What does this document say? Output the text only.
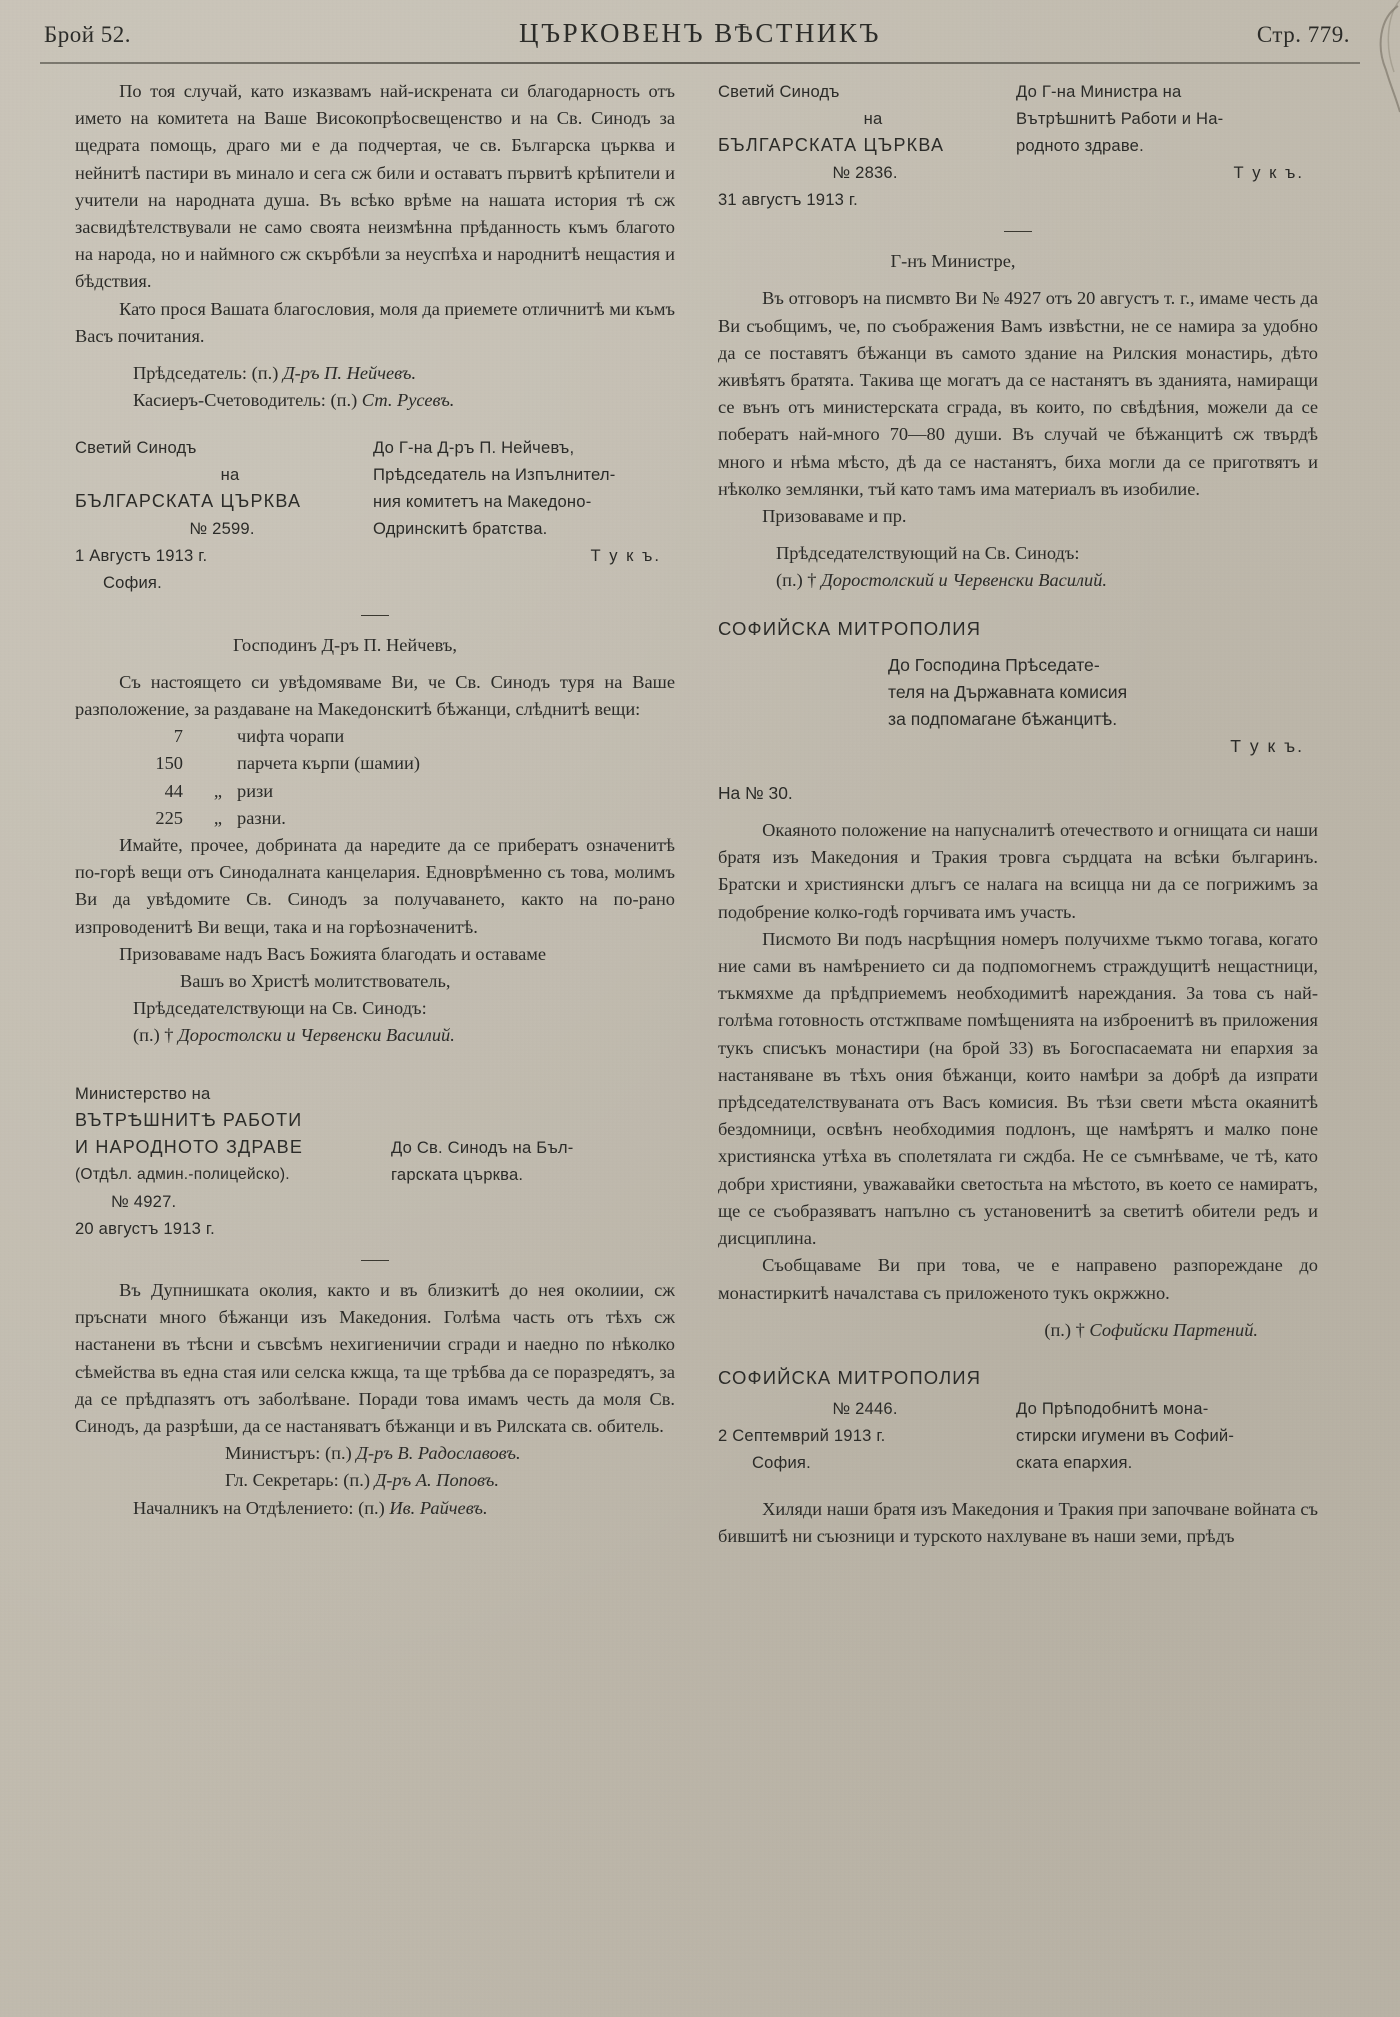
Брой 52.	ЦЪРКОВЕНЪ ВѢСТНИКЪ	Стр. 779.

По тоя случай, като изказвамъ най-искрената си благодарность отъ името на комитета на Ваше Високопрѣосвещенство и на Св. Синодъ за щедрата помощь, драго ми е да подчертая, че св. Българска църква и нейнитѣ пастири въ минало и сега сж били и оставатъ първитѣ крѣпители и учители на народната душа. Въ всѣко врѣме на нашата история тѣ сж засвидѣтелствували не само своята неизмѣнна прѣданность къмъ благото на народа, но и наймного сж скърбѣли за неуспѣха и народнитѣ нещастия и бѣдствия.

Като прося Вашата благословия, моля да приемете отличнитѣ ми къмъ Васъ почитания.

Прѣдседатель: (п.) Д-ръ П. Нейчевъ.

Касиеръ-Счетоводитель: (п.) Ст. Русевъ.

Светий Синодъ
на
БЪЛГАРСКАТА ЦЪРКВА
№ 2599.
1 Августъ 1913 г.
София.
До Г-на Д-ръ П. Нейчевъ,
Прѣдседатель на Изпълнител-
ния комитетъ на Македоно-
Одринскитѣ братства.
Т у к ъ.

Господинъ Д-ръ П. Нейчевъ,

Съ настоящето си увѣдомяваме Ви, че Св. Синодъ туря на Ваше разположение, за раздаване на Македонскитѣ бѣжанци, слѣднитѣ вещи:

7	чифта чорапи
150	парчета кърпи (шамии)
44	„ ризи
225	„ разни.

Имайте, прочее, добрината да наредите да се прибератъ означенитѣ по-горѣ вещи отъ Синодалната канцелария. Едноврѣменно съ това, молимъ Ви да увѣдомите Св. Синодъ за получаването, както на по-рано изпроводенитѣ Ви вещи, така и на горѣозначенитѣ.

Призоваваме надъ Васъ Божията благодать и оставаме

Вашъ во Христѣ молитствователь,

Прѣдседателствующи на Св. Синодъ:

(п.) † Доростолски и Червенски Василий.

Министерство на
ВЪТРѢШНИТѢ РАБОТИ
И НАРОДНОТО ЗДРАВЕ
(Отдѣл. админ.-полицейско).
№ 4927.
20 августъ 1913 г.
До Св. Синодъ на Бъл-
гарската църква.

Въ Дупнишката околия, както и въ близкитѣ до нея околиии, сж пръснати много бѣжанци изъ Македония. Голѣма часть отъ тѣхъ сж настанени въ тѣсни и съвсѣмъ нехигиеничии сгради и наедно по нѣколко сѣмейства въ една стая или селска кжща, та ще трѣбва да се поразредятъ, за да се прѣдпазятъ отъ заболѣване. Поради това имамъ честь да моля Св. Синодъ, да разрѣши, да се настаняватъ бѣжанци и въ Рилската св. обитель.

Министъръ: (п.) Д-ръ В. Радославовъ.

Гл. Секретарь: (п.) Д-ръ А. Поповъ.

Началникъ на Отдѣлението: (п.) Ив. Райчевъ.

Светий Синодъ
на
БЪЛГАРСКАТА ЦЪРКВА
№ 2836.
31 августъ 1913 г.
До Г-на Министра на
Вътрѣшнитѣ Работи и На-
родното здраве.
Т у к ъ.

Г-нъ Министре,

Въ отговоръ на писмвто Ви № 4927 отъ 20 августъ т. г., имаме честь да Ви съобщимъ, че, по съображения Вамъ извѣстни, не се намира за удобно да се поставятъ бѣжанци въ самото здание на Рилския монастирь, дѣто живѣятъ братята. Такива ще могатъ да се настанятъ въ зданията, намиращи се вънъ отъ министерската сграда, въ които, по свѣдѣния, можели да се побератъ най-много 70—80 души. Въ случай че бѣжанцитѣ сж твърдѣ много и нѣма мѣсто, дѣ да се настанятъ, биха могли да се приготвятъ и нѣколко землянки, тъй като тамъ има материалъ въ изобилие.

Призоваваме и пр.

Прѣдседателствующий на Св. Синодъ:

(п.) † Доростолский и Червенски Василий.

СОФИЙСКА МИТРОПОЛИЯ

До Господина Прѣседате-
теля на Държавната комисия
за подпомагане бѣжанцитѣ.
Т у к ъ.

На № 30.

Окаяното положение на напусналитѣ отечеството и огнищата си наши братя изъ Македония и Тракия тровга сърдцата на всѣки българинъ. Братски и християнски длъгъ се налага на всицца ни да се погрижимъ за подобрение колко-годѣ горчивата имъ участь.

Писмото Ви подъ насрѣщния номеръ получихме тъкмо тогава, когато ние сами въ намѣрението си да подпомогнемъ страждущитѣ нещастници, тъкмяхме да прѣдприемемъ необходимитѣ нареждания. За това съ най-голѣма готовность отстжпваме помѣщенията на изброенитѣ въ приложения тукъ списъкъ монастири (на брой 33) въ Богоспасаемата ни епархия за настаняване въ тѣхъ ония бѣжанци, които намѣри за добрѣ да изпрати прѣдседателствуваната отъ Васъ комисия. Въ тѣзи свети мѣста окаянитѣ бездомници, освѣнъ необходимия подлонъ, ще намѣрятъ и малко поне християнска утѣха въ сполетялата ги сждба. Не се съмнѣваме, че тѣ, като добри християни, уважавайки светостьта на мѣстото, въ което се намиратъ, ще се съобразяватъ напълно съ установенитѣ за светитѣ обители редъ и дисциплина.

Съобщаваме Ви при това, че е направено разпореждане до монастиркитѣ началстава съ приложеното тукъ окржжно.

(п.) † Софийски Партений.

СОФИЙСКА МИТРОПОЛИЯ

№ 2446.
2 Септемврий 1913 г.
София.
До Прѣподобнитѣ мона-
стирски игумени въ Софий-
ската епархия.

Хиляди наши братя изъ Македония и Тракия при започване войната съ бившитѣ ни съюзници и турското нахлуване въ наши земи, прѣдъ
